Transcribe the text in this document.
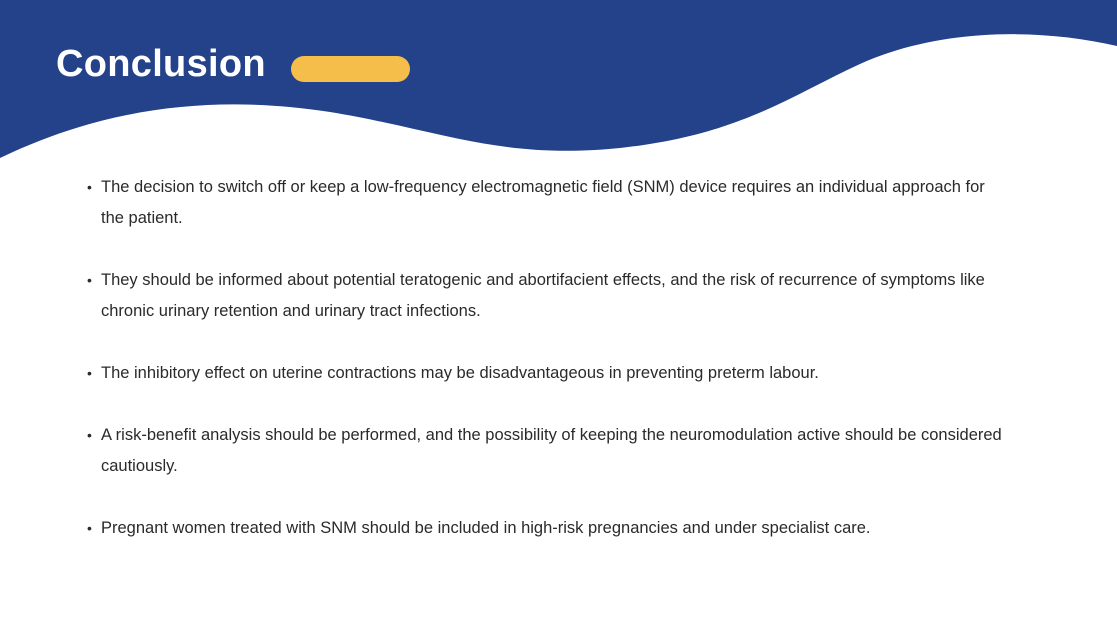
Conclusion
• The decision to switch off or keep a low-frequency electromagnetic field (SNM) device requires an individual approach for the patient.
• They should be informed about potential teratogenic and abortifacient effects, and the risk of recurrence of symptoms like chronic urinary retention and urinary tract infections.
• The inhibitory effect on uterine contractions may be disadvantageous in preventing preterm labour.
• A risk-benefit analysis should be performed, and the possibility of keeping the neuromodulation active should be considered cautiously.
• Pregnant women treated with SNM should be included in high-risk pregnancies and under specialist care.
